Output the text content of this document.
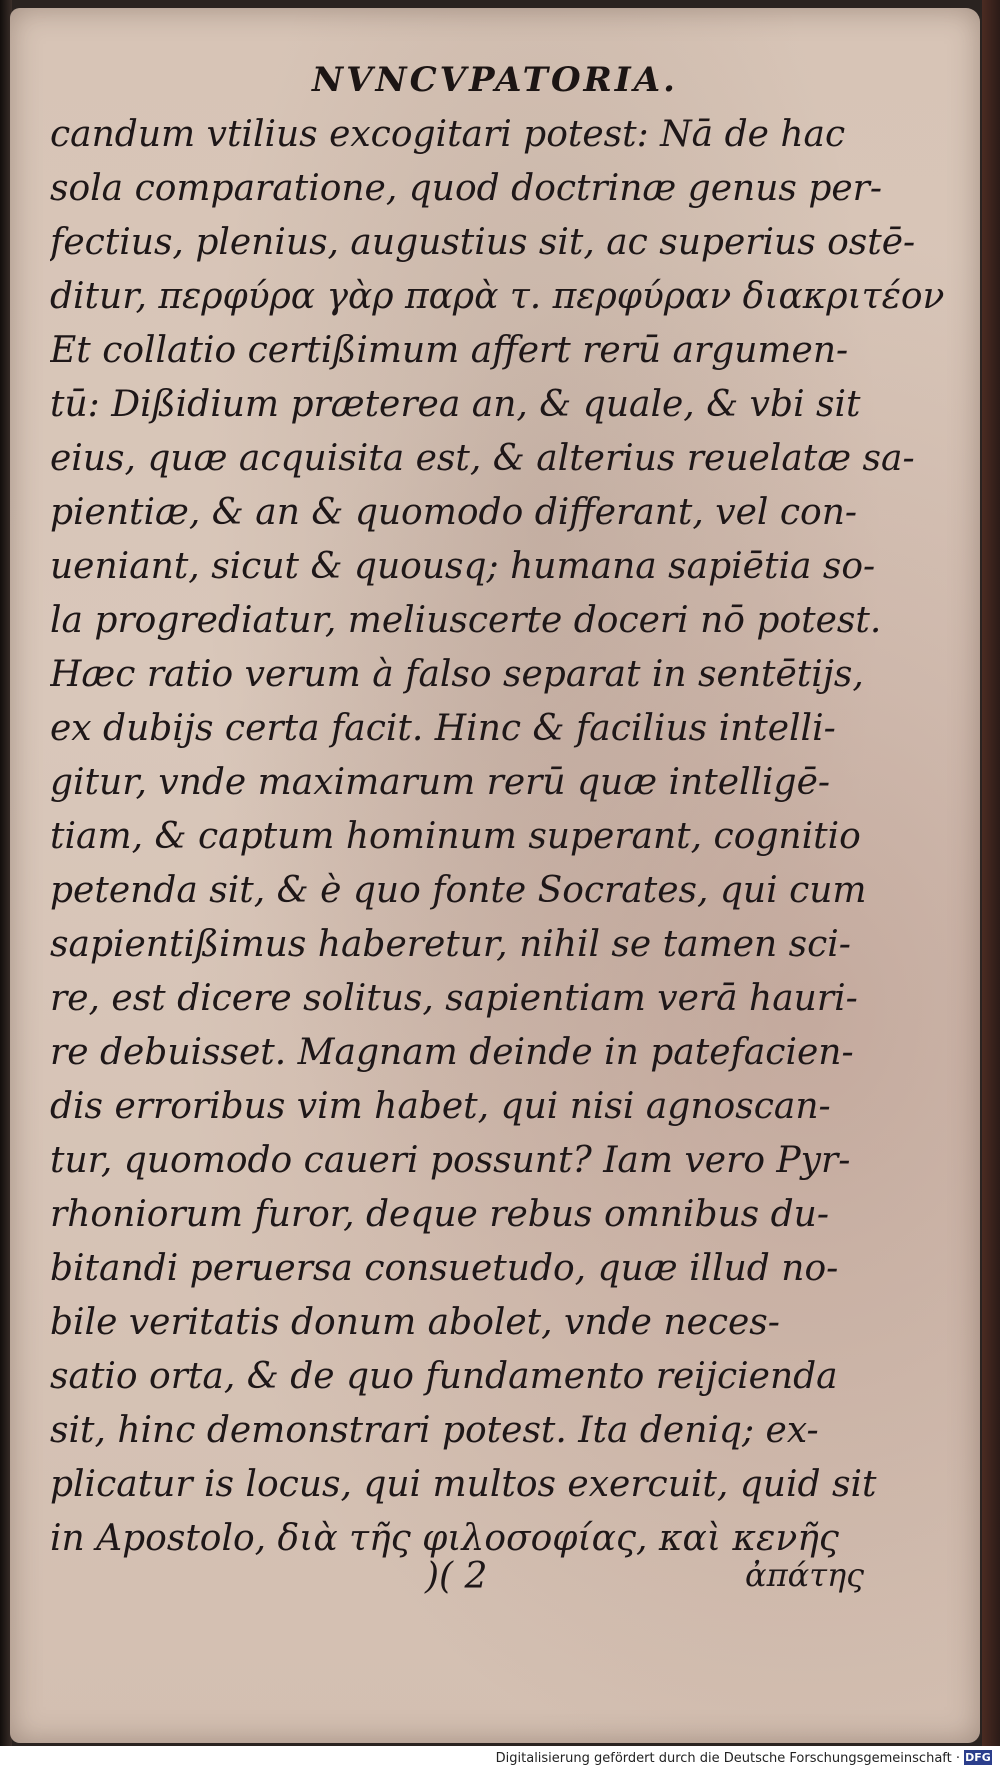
NVNCVPATORIA.
candum vtilius excogitari potest: Nā de hac
sola comparatione, quod doctrinæ genus per-
fectius, plenius, augustius sit, ac superius ostē-
ditur, περφύρα γὰρ παρὰ τ. περφύραν διακριτέον
Et collatio certißimum affert rerū argumen-
tū: Dißidium præterea an, & quale, & vbi sit
eius, quæ acquisita est, & alterius reuelatæ sa-
pientiæ, & an & quomodo differant, vel con-
ueniant, sicut & quousq; humana sapiētia so-
la progrediatur, meliuscerte doceri nō potest.
Hæc ratio verum à falso separat in sentētijs,
ex dubijs certa facit. Hinc & facilius intelli-
gitur, vnde maximarum rerū quæ intelligē-
tiam, & captum hominum superant, cognitio
petenda sit, & è quo fonte Socrates, qui cum
sapientißimus haberetur, nihil se tamen sci-
re, est dicere solitus, sapientiam verā hauri-
re debuisset. Magnam deinde in patefacien-
dis erroribus vim habet, qui nisi agnoscan-
tur, quomodo caueri possunt? Iam vero Pyr-
rhoniorum furor, deque rebus omnibus du-
bitandi peruersa consuetudo, quæ illud no-
bile veritatis donum abolet, vnde neces-
satio orta, & de quo fundamento reijcienda
sit, hinc demonstrari potest. Ita deniq; ex-
plicatur is locus, qui multos exercuit, quid sit
in Apostolo, διὰ τῆς φιλοσοφίας, καὶ κενῆς
)( 2	ἀπάτης
Digitalisierung gefördert durch die Deutsche Forschungsgemeinschaft · DFG
